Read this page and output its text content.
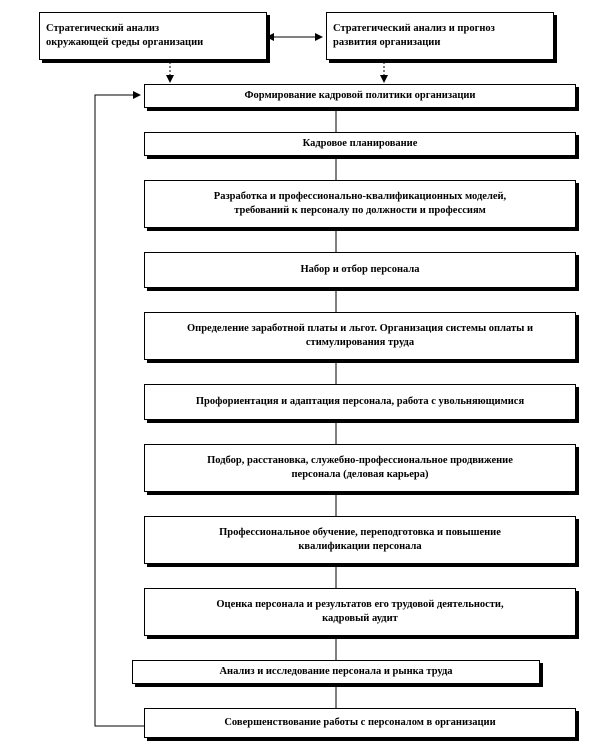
Стратегический анализ
окружающей среды организации
Стратегический анализ и прогноз
развития организации
Формирование кадровой политики организации
Кадровое планирование
Разработка и профессионально-квалификационных моделей,
требований к персоналу по должности и профессиям
Набор и отбор персонала
Определение заработной платы и льгот. Организация системы оплаты и
стимулирования труда
Профориентация и адаптация персонала, работа с увольняющимися
Подбор, расстановка, служебно-профессиональное продвижение
персонала (деловая карьера)
Профессиональное обучение, переподготовка и повышение
квалификации персонала
Оценка персонала и результатов его трудовой деятельности,
кадровый аудит
Анализ и исследование персонала и рынка труда
Совершенствование работы с персоналом в организации
